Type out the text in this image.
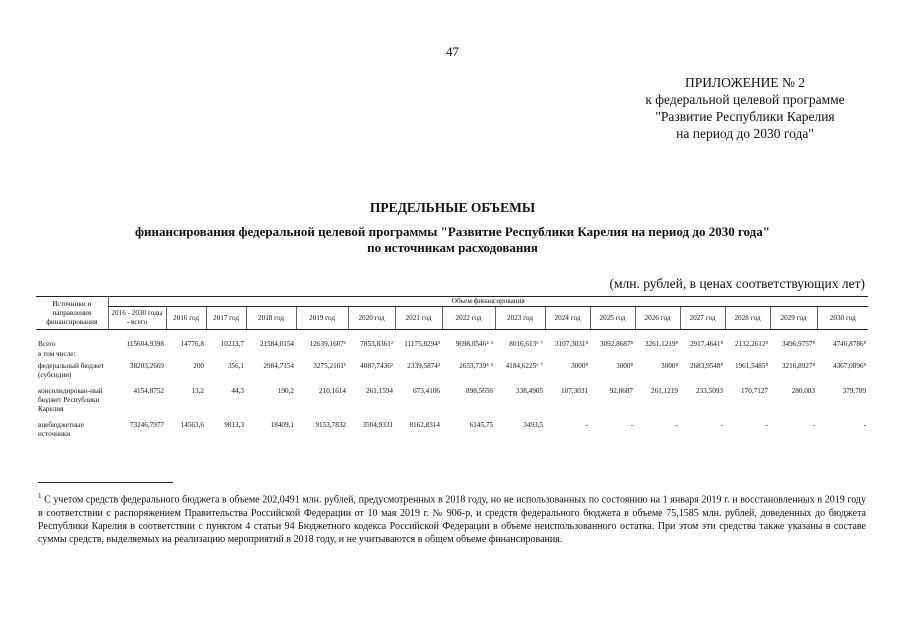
47
ПРИЛОЖЕНИЕ № 2
к федеральной целевой программе
"Развитие Республики Карелия
на период до 2030 года"
ПРЕДЕЛЬНЫЕ ОБЪЕМЫ
финансирования федеральной целевой программы "Развитие Республики Карелия на период до 2030 года"
по источникам расходования
(млн. рублей, в ценах соответствующих лет)
Источники и направления финансирования	Объем финансирования															
	2016 - 2030 годы - всего	2016 год	2017 год	2018 год	2019 год	2020 год	2021 год	2022 год	2023 год	2024 год	2025 год	2026 год	2027 год	2028 год	2029 год	2030 год
Всего	115604,9398	14776,8	10213,7	21584,0154	12639,1607¹	7853,8361²	11175,8294³	9698,0546⁴ ⁵	8016,613⁶ ⁷	3107,3031⁸	3092,8687⁸	3261,1219⁸	2917,4641⁸	2132,2612⁸	3496,9757⁸	4746,8786⁸
в том числе:																
федеральный бюджет (субсидии)	38203,2669	200	356,1	2984,7154	3275,2161¹	4087,7436²	2339,5874³	2653,739⁴ ⁵	4184,6225⁶ ⁷	3000⁸	3000⁸	3000⁸	2683,9548⁸	1961,5485⁸	3216,8927⁸	4367,0896⁸
консолидирован-ный бюджет Республики Карелия	4154,8752	13,2	44,3	190,2	210,1614	261,1594	673,4106	898,5656	338,4905	107,3031	92,8687	261,1219	233,5093	170,7127	280,083	379,789
внебюджетные источники	73246,7977	14563,6	9813,3	18409,1	9153,7832	3504,9331	8162,8314	6145,75	3493,5	-	-	-	-	-	-	-
$^1$ С учетом средств федерального бюджета в объеме 202,0491 млн. рублей, предусмотренных в 2018 году, но не использованных по состоянию на 1 января 2019 г. и восстановленных в 2019 году в соответствии с распоряжением Правительства Российской Федерации от 10 мая 2019 г. № 906-р, и средств федерального бюджета в объеме 75,1585 млн. рублей, доведенных до бюджета Республики Карелия в соответствии с пунктом 4 статьи 94 Бюджетного кодекса Российской Федерации в объеме неиспользованного остатка. При этом эти средства также указаны в составе суммы средств, выделяемых на реализацию мероприятий в 2018 году, и не учитываются в общем объеме финансирования.
